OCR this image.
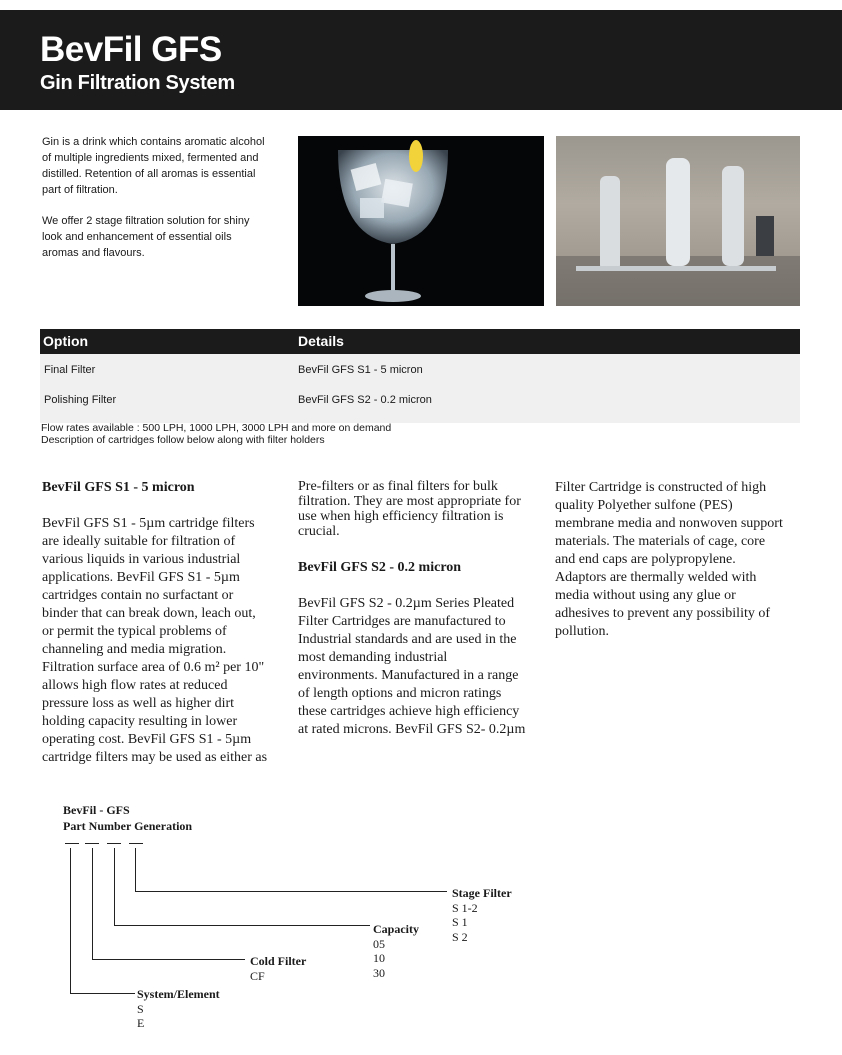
BevFil GFS
Gin Filtration System
Gin is a drink which contains aromatic alcohol
of multiple ingredients mixed, fermented and
distilled. Retention of all aromas is essential
part of filtration.
We offer 2 stage filtration solution for shiny
look and enhancement of essential oils
aromas and flavours.
Option	Details
Final Filter	BevFil GFS S1 - 5 micron
Polishing Filter	BevFil GFS S2 - 0.2 micron
Flow rates available : 500 LPH, 1000 LPH, 3000 LPH and more on demand
Description of cartridges follow below along with filter holders

BevFil GFS S1 - 5 micron

BevFil GFS S1 - 5µm cartridge filters

are ideally suitable for filtration of

various liquids in various industrial

applications. BevFil GFS S1 - 5µm

cartridges contain no surfactant or

binder that can break down, leach out,

or permit the typical problems of

channeling and media migration.

Filtration surface area of 0.6 m² per 10"

allows high flow rates at reduced

pressure loss as well as higher dirt

holding capacity resulting in lower

operating cost. BevFil GFS S1 - 5µm

cartridge filters may be used as either as

Pre-filters or as final filters for bulk

filtration. They are most appropriate for

use when high efficiency filtration is

crucial.

BevFil GFS S2 - 0.2 micron

BevFil GFS S2 - 0.2µm Series Pleated

Filter Cartridges are manufactured to

Industrial standards and are used in the

most demanding industrial

environments. Manufactured in a range

of length options and micron ratings

these cartridges achieve high efficiency

at rated microns. BevFil GFS S2- 0.2µm

Filter Cartridge is constructed of high

quality Polyether sulfone (PES)

membrane media and nonwoven support

materials. The materials of cage, core

and end caps are polypropylene.

Adaptors are thermally welded with

media without using any glue or

adhesives to prevent any possibility of

pollution.

BevFil - GFS
Part Number Generation
Stage Filter
S 1-2
S 1
S 2
Capacity
05
10
30
Cold Filter
CF
System/Element
S
E
